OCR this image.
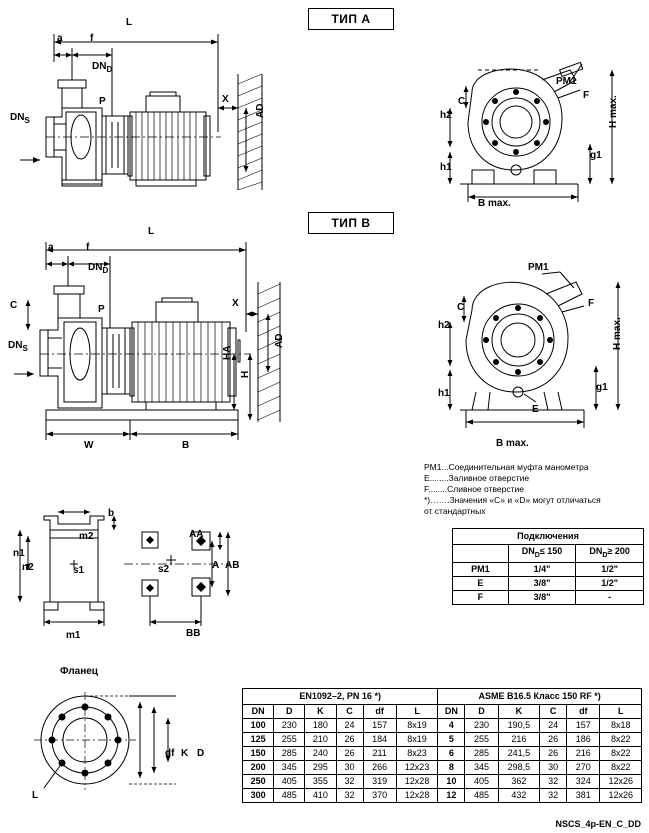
ТИП А
L
a	f
$DN_D$
$DN_S$
P	X
AD
PM1
F
C
h2
h1
g1
H max.
B max.
ТИП В
L
a	f
$DN_D$
C
$DN_S$
P
X
AD
HA
H
W	B
PM1
F
C
h2
h1
g1
H max.
E
B max.
PM1...Соединительная муфта манометра
E........Заливное отверстие
F........Сливное отверстие
*)…….Значения «С» и «D» могут отличаться
от стандартных
Подключения		
	$DN_D\le 150$	$DN_D\ge 200$
PM1	1/4"	1/2"
E	3/8"	1/2"
F	3/8"	-
b
m2
n1
n2	s1
m1
AA
AB
A
s2
BB
Фланец
df K D
L
EN1092–2, PN 16 *)						ASME B16.5 Класс 150 RF *)					
DN	D	K	C	df	L	DN	D	K	C	df	L
100	230	180	24	157	8x19	4	230	190,5	24	157	8x18
125	255	210	26	184	8x19	5	255	216	26	186	8x22
150	285	240	26	211	8x23	6	285	241,5	26	216	8x22
200	345	295	30	266	12x23	8	345	298,5	30	270	8x22
250	405	355	32	319	12x28	10	405	362	32	324	12x26
300	485	410	32	370	12x28	12	485	432	32	381	12x26
NSCS_4p-EN_C_DD
